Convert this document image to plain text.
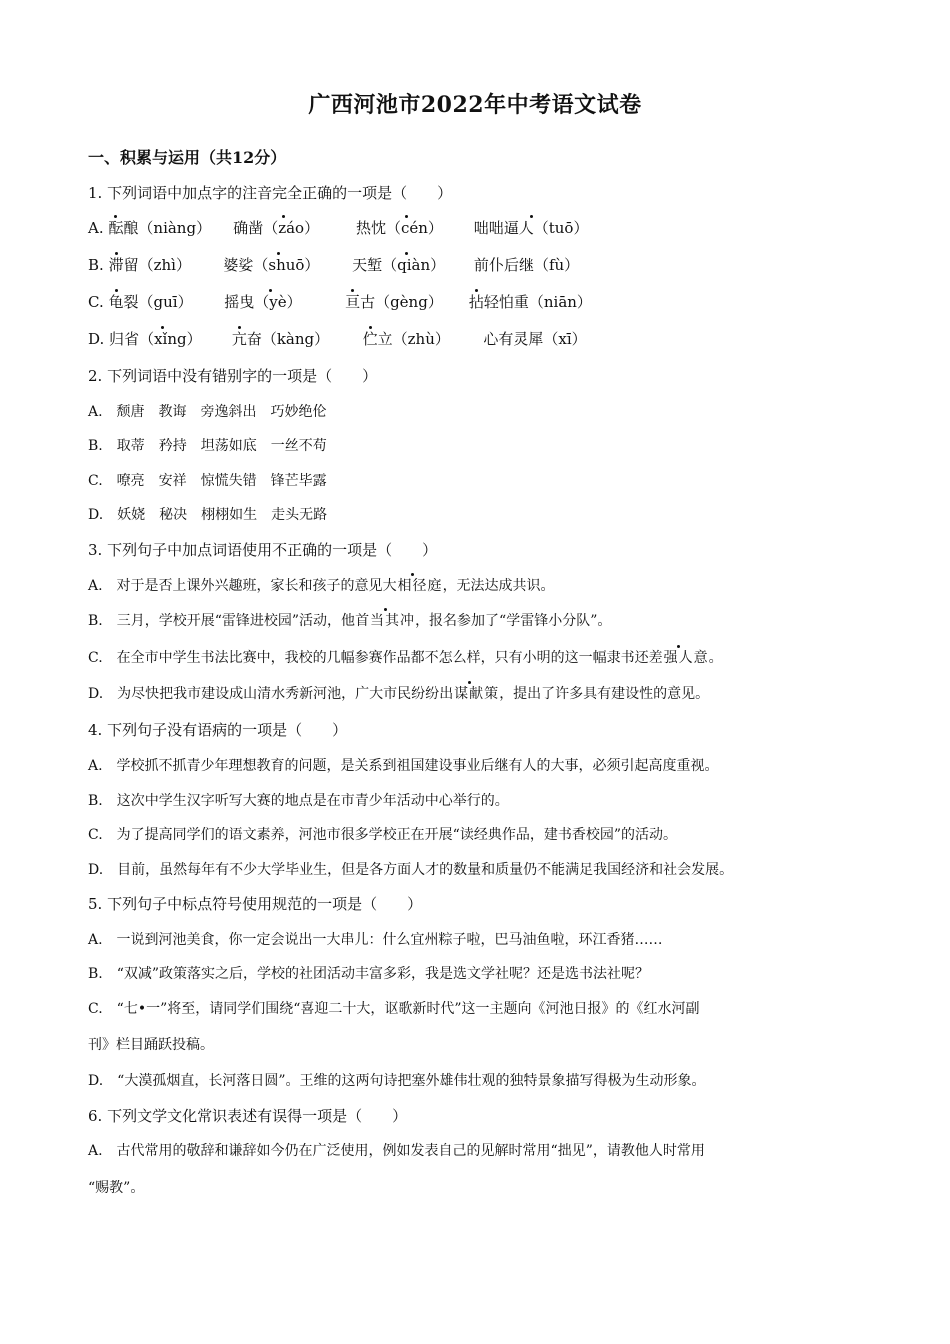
广西河池市2022年中考语文试卷
一、积累与运用（共12分）
1. 下列词语中加点字的注音完全正确的一项是（　　）
A. 酝酿（niàng） 确凿（záo） 热忱（cén） 咄咄逼人（tuō）
B. 滞留（zhì） 婆娑（shuō） 天堑（qiàn） 前仆后继（fù）
C. 龟裂（guī） 摇曳（yè）	亘古（gèng） 拈轻怕重（niān）
D. 归省（xǐng） 亢奋（kàng） 伫立（zhù） 心有灵犀（xī）
2. 下列词语中没有错别字的一项是（　　）
A.　颓唐　教诲　旁逸斜出　巧妙绝伦
B.　取蒂　矜持　坦荡如底　一丝不苟
C.　嘹亮　安祥　惊慌失错　锋芒毕露
D.　妖娆　秘决　栩栩如生　走头无路
3. 下列句子中加点词语使用不正确的一项是（　　）
A.　对于是否上课外兴趣班，家长和孩子的意见大相径庭，无法达成共识。
B.　三月，学校开展“雷锋进校园”活动，他首当其冲，报名参加了“学雷锋小分队”。
C.　在全市中学生书法比赛中，我校的几幅参赛作品都不怎么样，只有小明的这一幅隶书还差强人意。
D.　为尽快把我市建设成山清水秀新河池，广大市民纷纷出谋献策，提出了许多具有建设性的意见。
4. 下列句子没有语病的一项是（　　）
A.　学校抓不抓青少年理想教育的问题，是关系到祖国建设事业后继有人的大事，必须引起高度重视。
B.　这次中学生汉字听写大赛的地点是在市青少年活动中心举行的。
C.　为了提高同学们的语文素养，河池市很多学校正在开展“读经典作品，建书香校园”的活动。
D.　目前，虽然每年有不少大学毕业生，但是各方面人才的数量和质量仍不能满足我国经济和社会发展。
5. 下列句子中标点符号使用规范的一项是（　　）
A.　一说到河池美食，你一定会说出一大串儿：什么宜州粽子啦，巴马油鱼啦，环江香猪……
B.　“双减”政策落实之后，学校的社团活动丰富多彩，我是选文学社呢？还是选书法社呢？
C.　“七•一”将至，请同学们围绕“喜迎二十大，讴歌新时代”这一主题向《河池日报》的《红水河副
刊》栏目踊跃投稿。
D.　“大漠孤烟直，长河落日圆”。王维的这两句诗把塞外雄伟壮观的独特景象描写得极为生动形象。
6. 下列文学文化常识表述有误得一项是（　　）
A.　古代常用的敬辞和谦辞如今仍在广泛使用，例如发表自己的见解时常用“拙见”，请教他人时常用
“赐教”。
